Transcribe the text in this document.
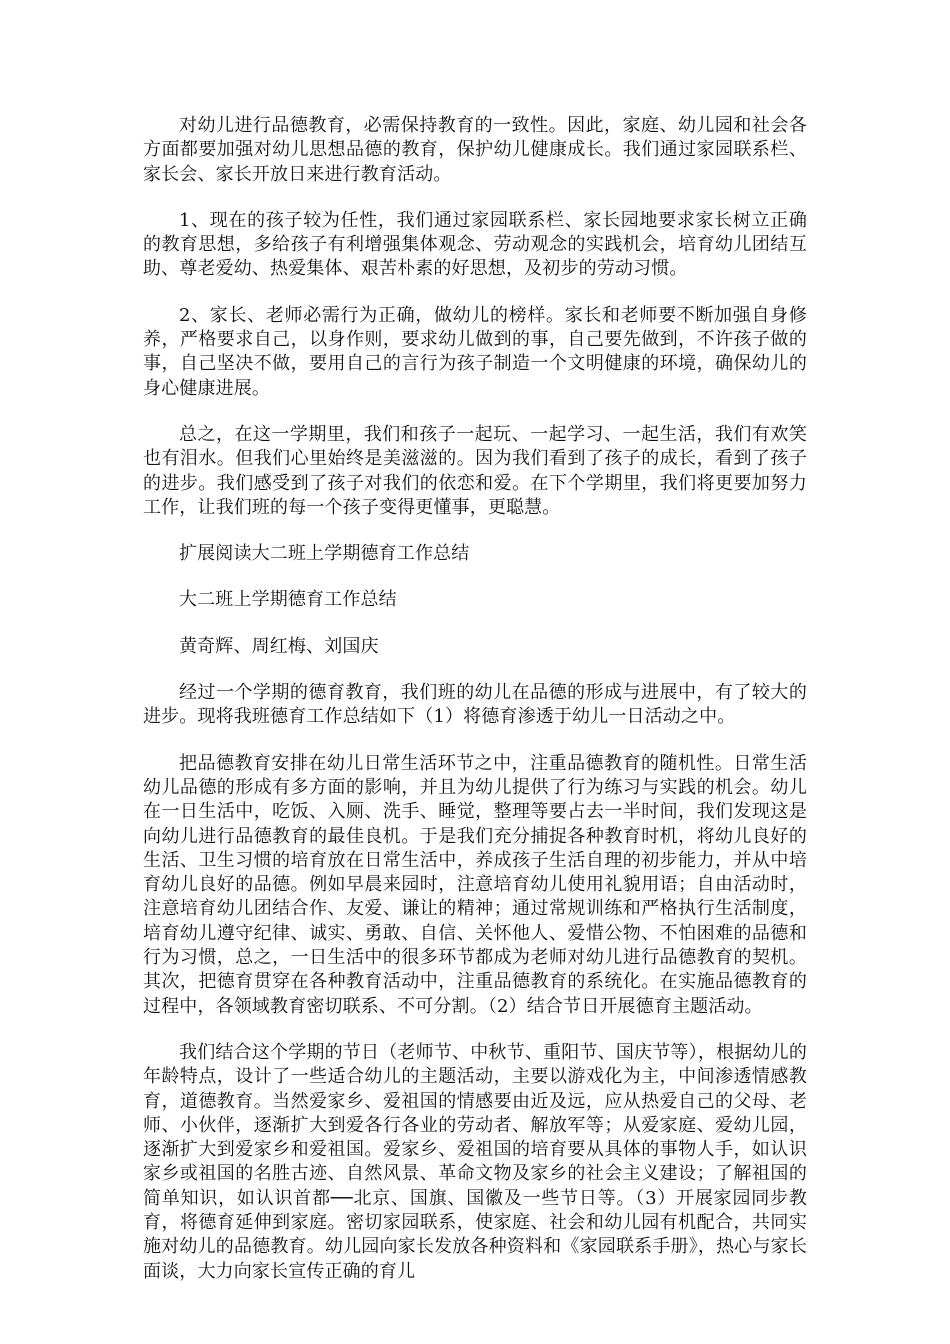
对幼儿进行品德教育，必需保持教育的一致性。因此，家庭、幼儿园和社会各方面都要加强对幼儿思想品德的教育，保护幼儿健康成长。我们通过家园联系栏、家长会、家长开放日来进行教育活动。

1、现在的孩子较为任性，我们通过家园联系栏、家长园地要求家长树立正确的教育思想，多给孩子有利增强集体观念、劳动观念的实践机会，培育幼儿团结互助、尊老爱幼、热爱集体、艰苦朴素的好思想，及初步的劳动习惯。

2、家长、老师必需行为正确，做幼儿的榜样。家长和老师要不断加强自身修养，严格要求自己，以身作则，要求幼儿做到的事，自己要先做到，不许孩子做的事，自己坚决不做，要用自己的言行为孩子制造一个文明健康的环境，确保幼儿的身心健康进展。

总之，在这一学期里，我们和孩子一起玩、一起学习、一起生活，我们有欢笑也有泪水。但我们心里始终是美滋滋的。因为我们看到了孩子的成长，看到了孩子的进步。我们感受到了孩子对我们的依恋和爱。在下个学期里，我们将更要加努力工作，让我们班的每一个孩子变得更懂事，更聪慧。

扩展阅读大二班上学期德育工作总结

大二班上学期德育工作总结

黄奇辉、周红梅、刘国庆

经过一个学期的德育教育，我们班的幼儿在品德的形成与进展中，有了较大的进步。现将我班德育工作总结如下（1）将德育渗透于幼儿一日活动之中。

把品德教育安排在幼儿日常生活环节之中，注重品德教育的随机性。日常生活幼儿品德的形成有多方面的影响，并且为幼儿提供了行为练习与实践的机会。幼儿在一日生活中，吃饭、入厕、洗手、睡觉，整理等要占去一半时间，我们发现这是向幼儿进行品德教育的最佳良机。于是我们充分捕捉各种教育时机，将幼儿良好的生活、卫生习惯的培育放在日常生活中，养成孩子生活自理的初步能力，并从中培育幼儿良好的品德。例如早晨来园时，注意培育幼儿使用礼貌用语；自由活动时，注意培育幼儿团结合作、友爱、谦让的精神；通过常规训练和严格执行生活制度，培育幼儿遵守纪律、诚实、勇敢、自信、关怀他人、爱惜公物、不怕困难的品德和行为习惯，总之，一日生活中的很多环节都成为老师对幼儿进行品德教育的契机。其次，把德育贯穿在各种教育活动中，注重品德教育的系统化。在实施品德教育的过程中，各领域教育密切联系、不可分割。（2）结合节日开展德育主题活动。

我们结合这个学期的节日（老师节、中秋节、重阳节、国庆节等），根据幼儿的年龄特点，设计了一些适合幼儿的主题活动，主要以游戏化为主，中间渗透情感教育，道德教育。当然爱家乡、爱祖国的情感要由近及远，应从热爱自己的父母、老师、小伙伴，逐渐扩大到爱各行各业的劳动者、解放军等；从爱家庭、爱幼儿园，逐渐扩大到爱家乡和爱祖国。爱家乡、爱祖国的培育要从具体的事物人手，如认识家乡或祖国的名胜古迹、自然风景、革命文物及家乡的社会主义建设；了解祖国的简单知识，如认识首都──北京、国旗、国徽及一些节日等。（3）开展家园同步教育，将德育延伸到家庭。密切家园联系，使家庭、社会和幼儿园有机配合，共同实施对幼儿的品德教育。幼儿园向家长发放各种资料和《家园联系手册》，热心与家长面谈，大力向家长宣传正确的育儿
